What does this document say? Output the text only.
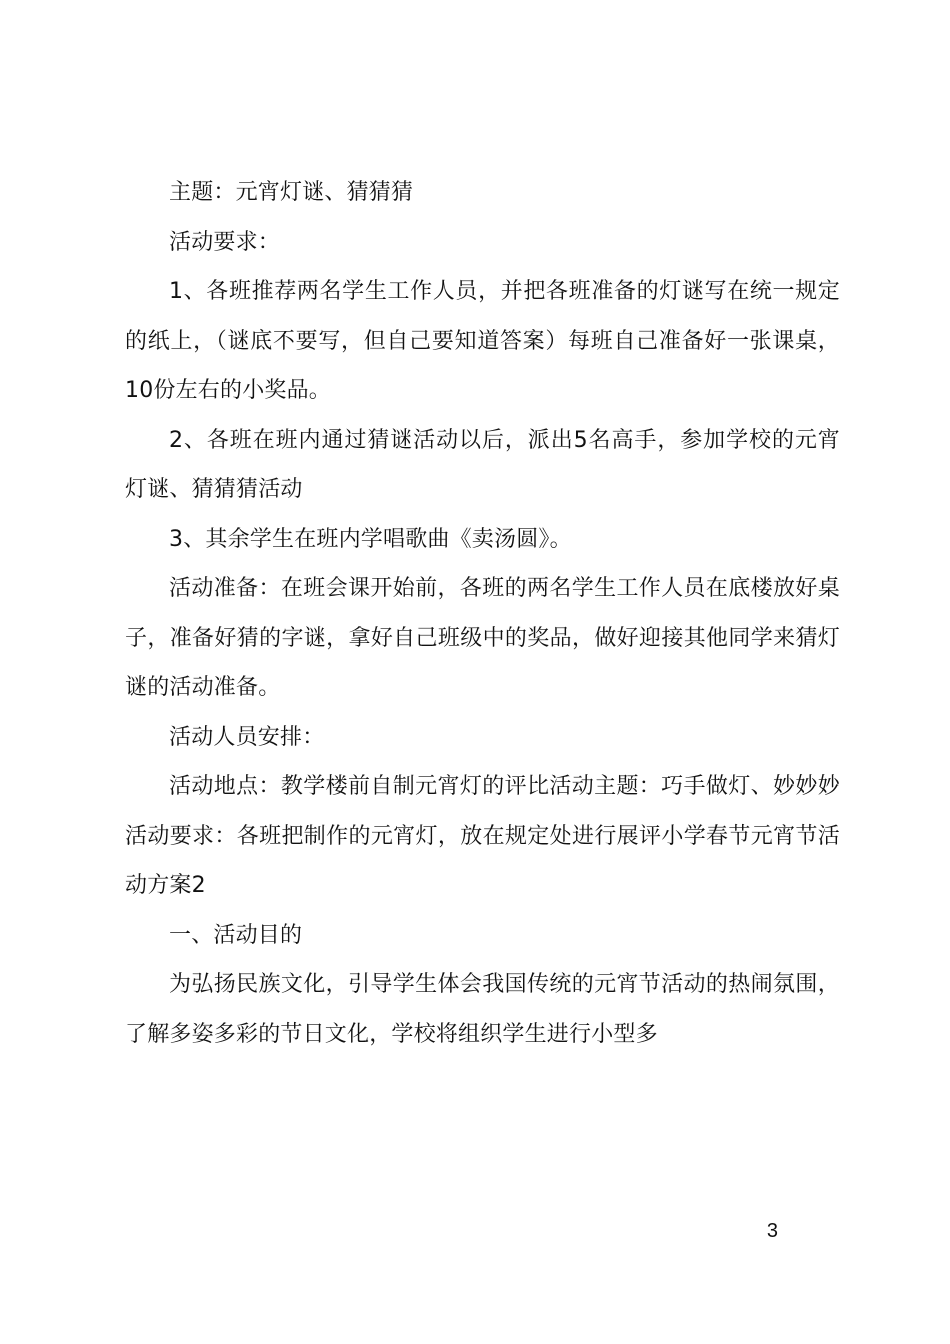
主题：元宵灯谜、猜猜猜

活动要求：

1、各班推荐两名学生工作人员，并把各班准备的灯谜写在统一规定的纸上，（谜底不要写，但自己要知道答案）每班自己准备好一张课桌，10份左右的小奖品。

2、各班在班内通过猜谜活动以后，派出5名高手，参加学校的元宵灯谜、猜猜猜活动

3、其余学生在班内学唱歌曲《卖汤圆》。

活动准备：在班会课开始前，各班的两名学生工作人员在底楼放好桌子，准备好猜的字谜，拿好自己班级中的奖品，做好迎接其他同学来猜灯谜的活动准备。

活动人员安排：

活动地点：教学楼前自制元宵灯的评比活动主题：巧手做灯、妙妙妙活动要求：各班把制作的元宵灯，放在规定处进行展评小学春节元宵节活动方案2

一、活动目的

为弘扬民族文化，引导学生体会我国传统的元宵节活动的热闹氛围，了解多姿多彩的节日文化，学校将组织学生进行小型多

3
